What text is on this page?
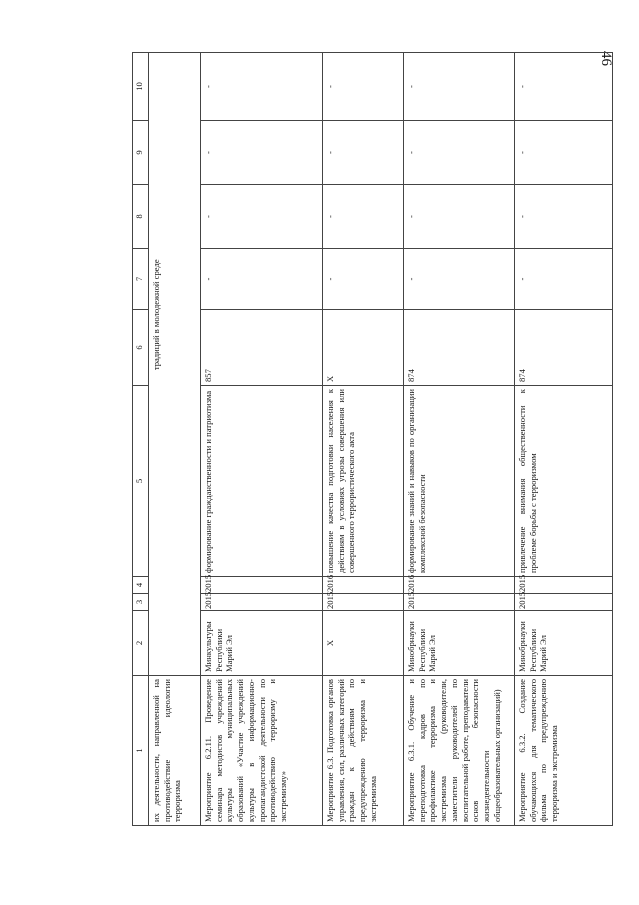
46
1	2	3	4	5	6	7	8	9	10
их деятельности, направленной на противодействие идеологии терроризма				традиций в молодежной среде					
Мероприятие 6.2.11. Проведение семинара методистов учреждений культуры муниципальных образований «Участие учреждений культуры в информационно-пропагандистской деятельности по противодействию терроризму и экстремизму»	Минкультуры Республики Марий Эл	2015	2015	формирование гражданственности и патриотизма	857	-	-	-	-
Мероприятие 6.3. Подготовка органов управления, сил, различных категорий граждан к действиям по предупреждению терроризма и экстремизма	Х	2015	2016	повышение качества подготовки населения к действиям в условиях угрозы совершения или совершенного террористического акта	Х	-	-	-	-
Мероприятие 6.3.1. Обучение и переподготовка кадров по профилактике терроризма и экстремизма (руководители, заместители руководителей по воспитательной работе, преподаватели основ безопасности жизнедеятельности общеобразовательных организаций)	Минобрнауки Республики Марий Эл	2015	2016	формирование знаний и навыков по организации комплексной безопасности	874	-	-	-	-
Мероприятие 6.3.2. Создание обучающихся для тематического фильма по предупреждению терроризма и экстремизма	Минобрнауки Республики Марий Эл	2015	2015	привлечение внимания общественности к проблеме борьбы с терроризмом	874	-	-	-	-
